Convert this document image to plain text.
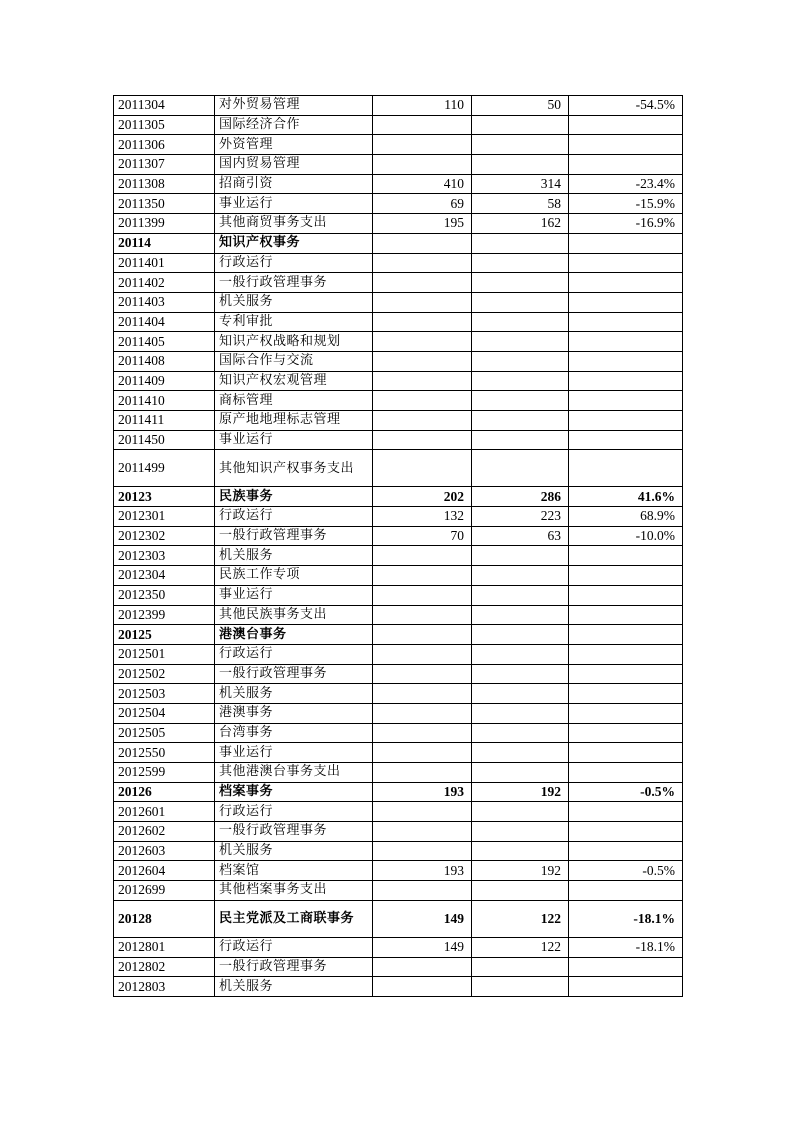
2011304	对外贸易管理	110	50	-54.5%
2011305	国际经济合作			
2011306	外资管理			
2011307	国内贸易管理			
2011308	招商引资	410	314	-23.4%
2011350	事业运行	69	58	-15.9%
2011399	其他商贸事务支出	195	162	-16.9%
20114	知识产权事务			
2011401	行政运行			
2011402	一般行政管理事务			
2011403	机关服务			
2011404	专利审批			
2011405	知识产权战略和规划			
2011408	国际合作与交流			
2011409	知识产权宏观管理			
2011410	商标管理			
2011411	原产地地理标志管理			
2011450	事业运行			
2011499	其他知识产权事务支出			
20123	民族事务	202	286	41.6%
2012301	行政运行	132	223	68.9%
2012302	一般行政管理事务	70	63	-10.0%
2012303	机关服务			
2012304	民族工作专项			
2012350	事业运行			
2012399	其他民族事务支出			
20125	港澳台事务			
2012501	行政运行			
2012502	一般行政管理事务			
2012503	机关服务			
2012504	港澳事务			
2012505	台湾事务			
2012550	事业运行			
2012599	其他港澳台事务支出			
20126	档案事务	193	192	-0.5%
2012601	行政运行			
2012602	一般行政管理事务			
2012603	机关服务			
2012604	档案馆	193	192	-0.5%
2012699	其他档案事务支出			
20128	民主党派及工商联事务	149	122	-18.1%
2012801	行政运行	149	122	-18.1%
2012802	一般行政管理事务			
2012803	机关服务			
